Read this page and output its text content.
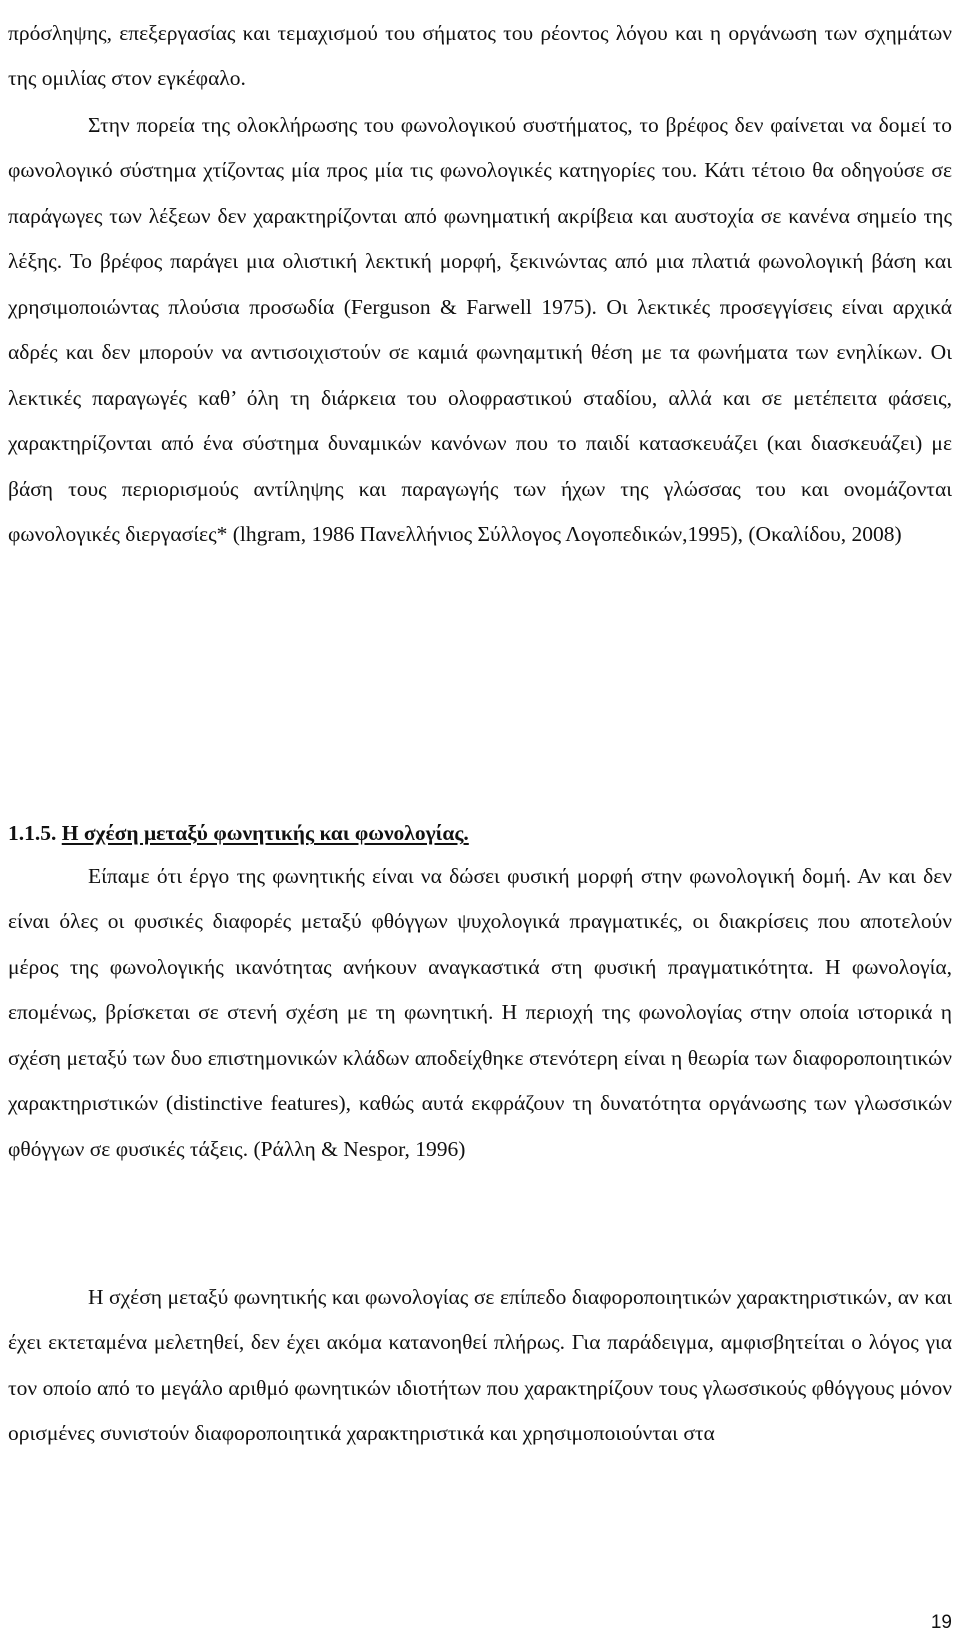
πρόσληψης, επεξεργασίας και τεμαχισμού του σήματος του ρέοντος λόγου και η οργάνωση των σχημάτων της ομιλίας στον εγκέφαλο.

Στην πορεία της ολοκλήρωσης του φωνολογικού συστήματος, το βρέφος δεν φαίνεται να δομεί το φωνολογικό σύστημα χτίζοντας μία προς μία τις φωνολογικές κατηγορίες του. Κάτι τέτοιο θα οδηγούσε σε παράγωγες των λέξεων δεν χαρακτηρίζονται από φωνηματική ακρίβεια και αυστοχία σε κανένα σημείο της λέξης. Το βρέφος παράγει μια ολιστική λεκτική μορφή, ξεκινώντας από μια πλατιά φωνολογική βάση και χρησιμοποιώντας πλούσια προσωδία (Ferguson & Farwell 1975). Οι λεκτικές προσεγγίσεις είναι αρχικά αδρές και δεν μπορούν να αντισοιχιστούν σε καμιά φωνηαμτική θέση με τα φωνήματα των ενηλίκων. Οι λεκτικές παραγωγές καθ’ όλη τη διάρκεια του ολοφραστικού σταδίου, αλλά και σε μετέπειτα φάσεις, χαρακτηρίζονται από ένα σύστημα δυναμικών κανόνων που το παιδί κατασκευάζει (και διασκευάζει) με βάση τους περιορισμούς αντίληψης και παραγωγής των ήχων της γλώσσας του και ονομάζονται φωνολογικές διεργασίες* (lhgram, 1986 Πανελλήνιος Σύλλογος Λογοπεδικών,1995), (Οκαλίδου, 2008)

1.1.5. Η σχέση μεταξύ φωνητικής και φωνολογίας.

Είπαμε ότι έργο της φωνητικής είναι να δώσει φυσική μορφή στην φωνολογική δομή. Αν και δεν είναι όλες οι φυσικές διαφορές μεταξύ φθόγγων ψυχολογικά πραγματικές, οι διακρίσεις που αποτελούν μέρος της φωνολογικής ικανότητας ανήκουν αναγκαστικά στη φυσική πραγματικότητα. Η φωνολογία, επομένως, βρίσκεται σε στενή σχέση με τη φωνητική. Η περιοχή της φωνολογίας στην οποία ιστορικά η σχέση μεταξύ των δυο επιστημονικών κλάδων αποδείχθηκε στενότερη είναι η θεωρία των διαφοροποιητικών χαρακτηριστικών (distinctive features), καθώς αυτά εκφράζουν τη δυνατότητα οργάνωσης των γλωσσικών φθόγγων σε φυσικές τάξεις. (Ράλλη & Nespor, 1996)

Η σχέση μεταξύ φωνητικής και φωνολογίας σε επίπεδο διαφοροποιητικών χαρακτηριστικών, αν και έχει εκτεταμένα μελετηθεί, δεν έχει ακόμα κατανοηθεί πλήρως. Για παράδειγμα, αμφισβητείται ο λόγος για τον οποίο από το μεγάλο αριθμό φωνητικών ιδιοτήτων που χαρακτηρίζουν τους γλωσσικούς φθόγγους μόνον ορισμένες συνιστούν διαφοροποιητικά χαρακτηριστικά και χρησιμοποιούνται στα

19
